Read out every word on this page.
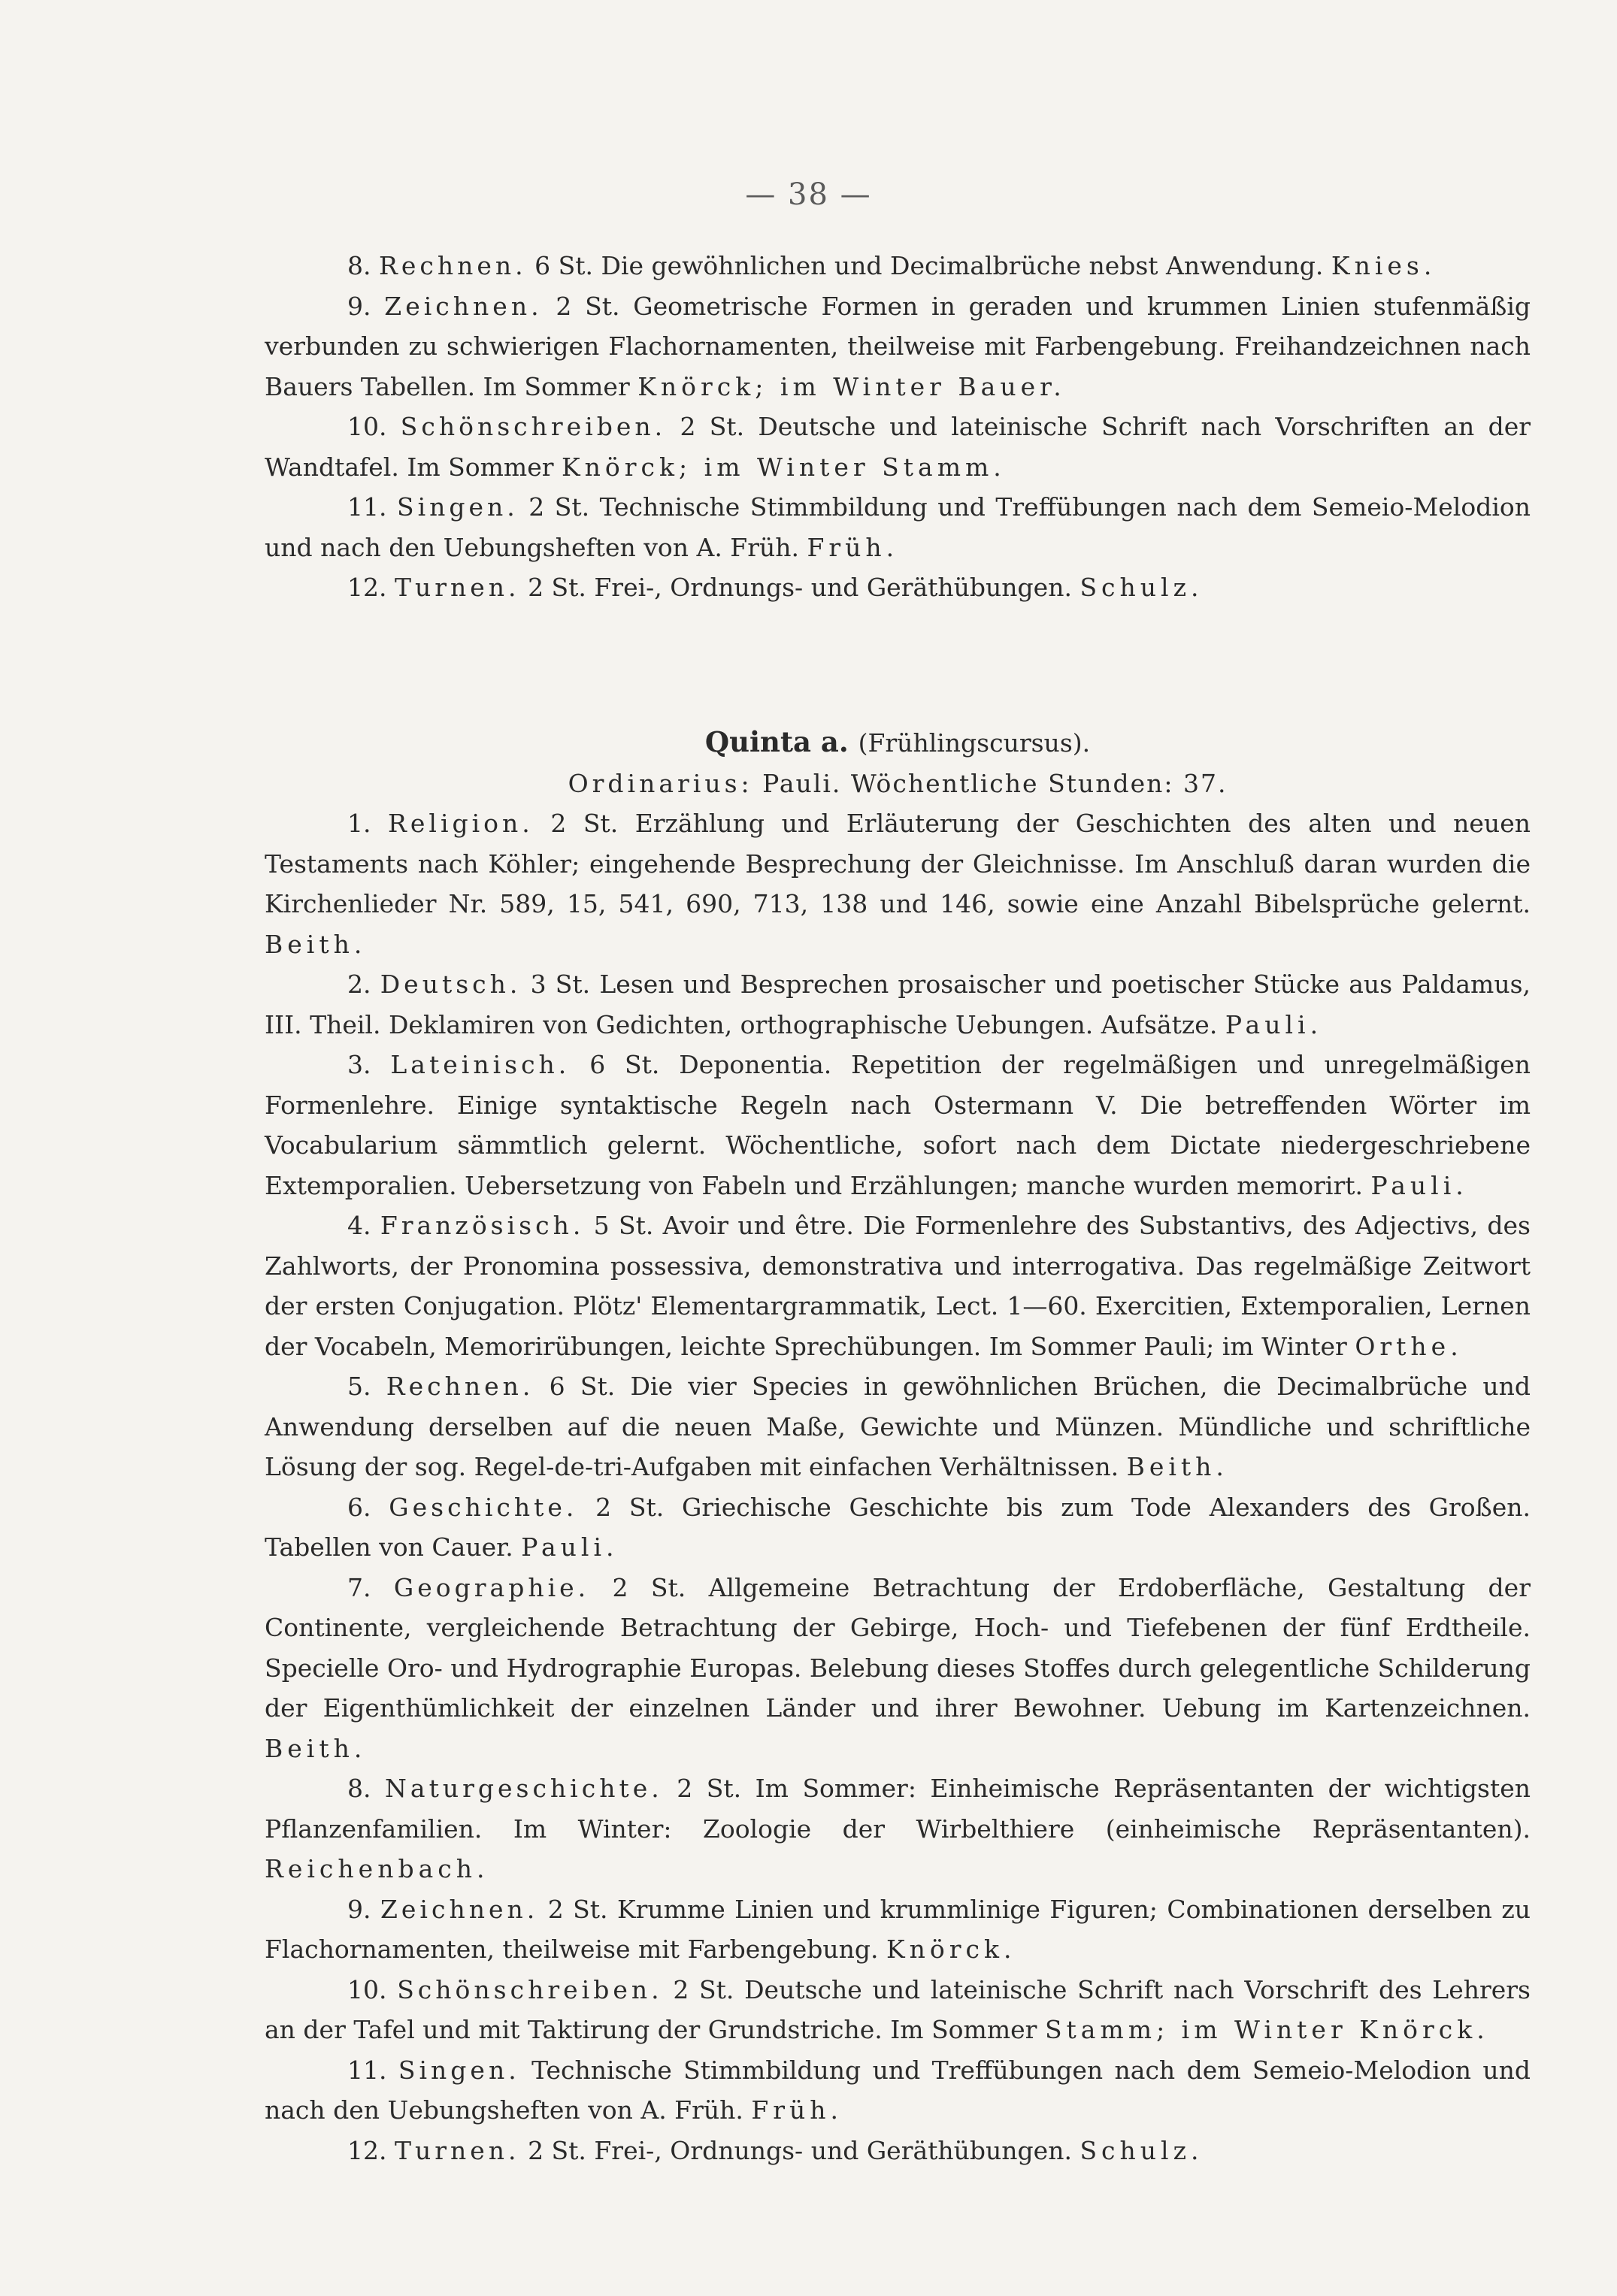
— 38 —

8. Rechnen. 6 St. Die gewöhnlichen und Decimalbrüche nebst Anwendung. Knies.

9. Zeichnen. 2 St. Geometrische Formen in geraden und krummen Linien stufenmäßig verbunden zu schwierigen Flachornamenten, theilweise mit Farbengebung. Freihandzeichnen nach Bauers Tabellen. Im Sommer Knörck; im Winter Bauer.

10. Schönschreiben. 2 St. Deutsche und lateinische Schrift nach Vorschriften an der Wandtafel. Im Sommer Knörck; im Winter Stamm.

11. Singen. 2 St. Technische Stimmbildung und Treffübungen nach dem Semeio-Melodion und nach den Uebungsheften von A. Früh. Früh.

12. Turnen. 2 St. Frei-, Ordnungs- und Geräthübungen. Schulz.

Quinta a. (Frühlingscursus).

Ordinarius: Pauli. Wöchentliche Stunden: 37.

1. Religion. 2 St. Erzählung und Erläuterung der Geschichten des alten und neuen Testaments nach Köhler; eingehende Besprechung der Gleichnisse. Im Anschluß daran wurden die Kirchenlieder Nr. 589, 15, 541, 690, 713, 138 und 146, sowie eine Anzahl Bibelsprüche gelernt. Beith.

2. Deutsch. 3 St. Lesen und Besprechen prosaischer und poetischer Stücke aus Paldamus, III. Theil. Deklamiren von Gedichten, orthographische Uebungen. Aufsätze. Pauli.

3. Lateinisch. 6 St. Deponentia. Repetition der regelmäßigen und unregelmäßigen Formenlehre. Einige syntaktische Regeln nach Ostermann V. Die betreffenden Wörter im Vocabularium sämmtlich gelernt. Wöchentliche, sofort nach dem Dictate niedergeschriebene Extemporalien. Uebersetzung von Fabeln und Erzählungen; manche wurden memorirt. Pauli.

4. Französisch. 5 St. Avoir und être. Die Formenlehre des Substantivs, des Adjectivs, des Zahlworts, der Pronomina possessiva, demonstrativa und interrogativa. Das regelmäßige Zeitwort der ersten Conjugation. Plötz' Elementargrammatik, Lect. 1—60. Exercitien, Extemporalien, Lernen der Vocabeln, Memorirübungen, leichte Sprechübungen. Im Sommer Pauli; im Winter Orthe.

5. Rechnen. 6 St. Die vier Species in gewöhnlichen Brüchen, die Decimalbrüche und Anwendung derselben auf die neuen Maße, Gewichte und Münzen. Mündliche und schriftliche Lösung der sog. Regel-de-tri-Aufgaben mit einfachen Verhältnissen. Beith.

6. Geschichte. 2 St. Griechische Geschichte bis zum Tode Alexanders des Großen. Tabellen von Cauer. Pauli.

7. Geographie. 2 St. Allgemeine Betrachtung der Erdoberfläche, Gestaltung der Continente, vergleichende Betrachtung der Gebirge, Hoch- und Tiefebenen der fünf Erdtheile. Specielle Oro- und Hydrographie Europas. Belebung dieses Stoffes durch gelegentliche Schilderung der Eigenthümlichkeit der einzelnen Länder und ihrer Bewohner. Uebung im Kartenzeichnen. Beith.

8. Naturgeschichte. 2 St. Im Sommer: Einheimische Repräsentanten der wichtigsten Pflanzenfamilien. Im Winter: Zoologie der Wirbelthiere (einheimische Repräsentanten). Reichenbach.

9. Zeichnen. 2 St. Krumme Linien und krummlinige Figuren; Combinationen derselben zu Flachornamenten, theilweise mit Farbengebung. Knörck.

10. Schönschreiben. 2 St. Deutsche und lateinische Schrift nach Vorschrift des Lehrers an der Tafel und mit Taktirung der Grundstriche. Im Sommer Stamm; im Winter Knörck.

11. Singen. Technische Stimmbildung und Treffübungen nach dem Semeio-Melodion und nach den Uebungsheften von A. Früh. Früh.

12. Turnen. 2 St. Frei-, Ordnungs- und Geräthübungen. Schulz.
